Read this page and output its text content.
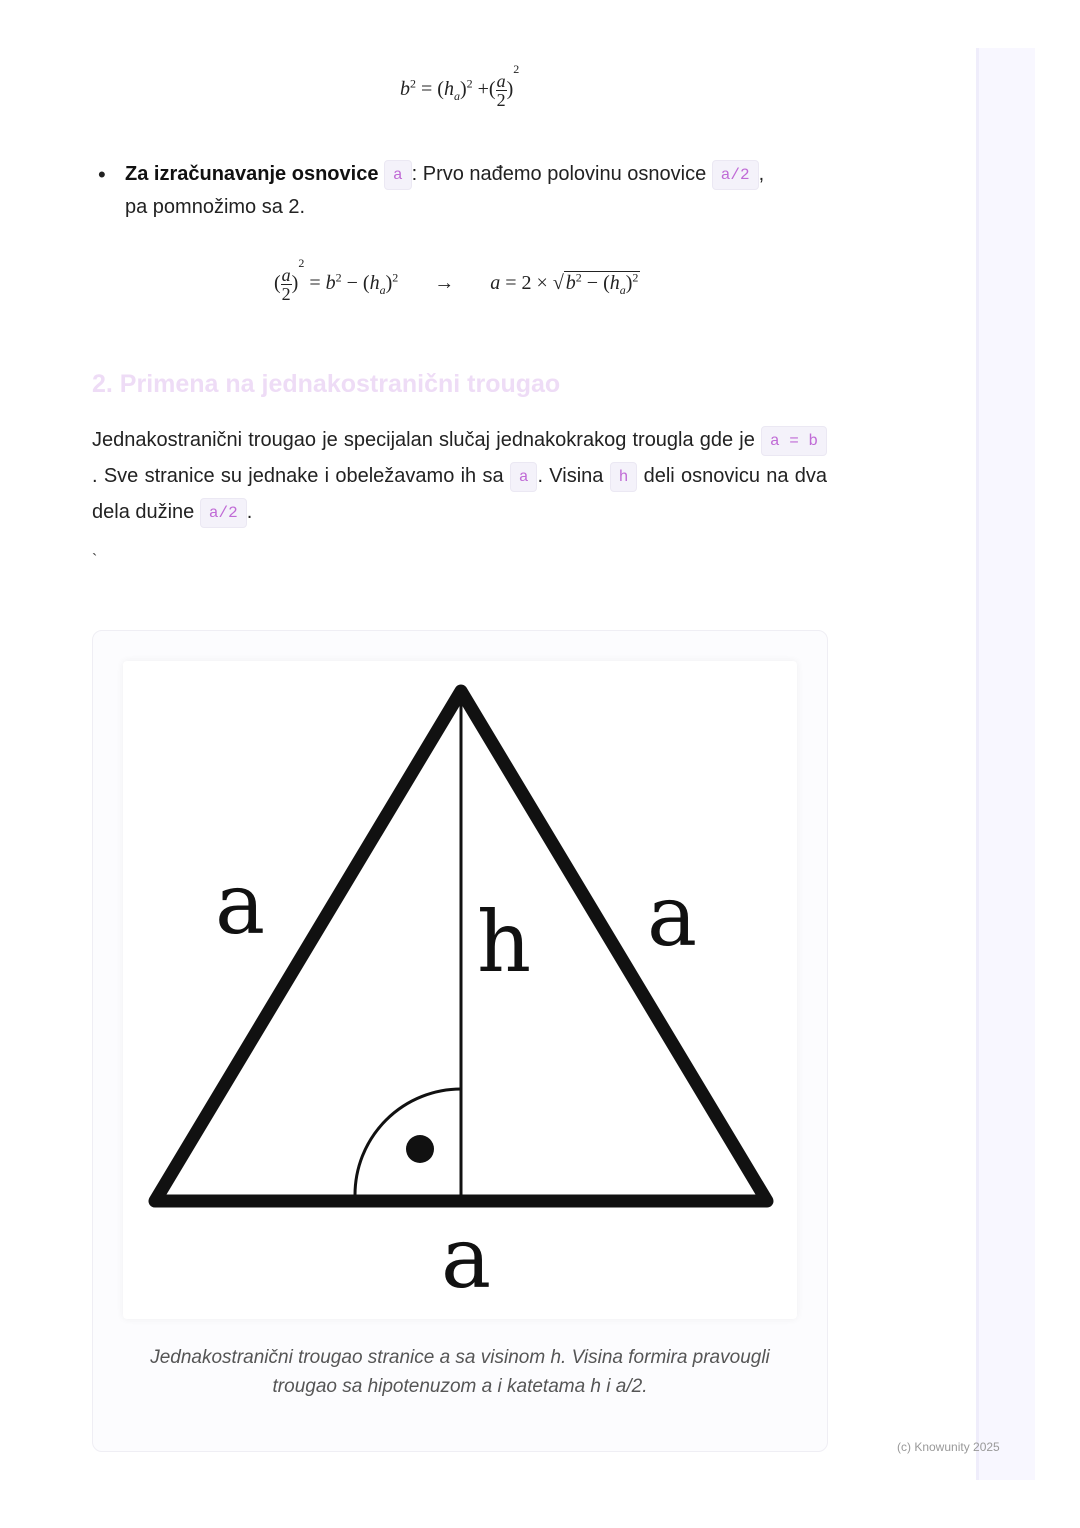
$b^2 = (h_a)^2$ +( $\frac{a}{2} )^2$
• Za izračunavanje osnovice a : Prvo nađemo polovinu osnovice a/2 ,
pa pomnožimo sa 2.
( $\frac{a}{2} )^2 = b^2 - (h_a)^2 \to a = 2$ × √ $b^2 - (h_a)^2$
2. Primena na jednakostranični trougao
Jednakostranični trougao je specijalan slučaj jednakokrakog trougla gde je a = b. Sve stranice su jednake i obeležavamo ih sa a . Visina h deli osnovicu na dva dela dužine a/2 .
`
a	a
h
a
Jednakostranični trougao stranice a sa visinom h. Visina formira pravougli trougao sa hipotenuzom a i katetama h i a/2.
(c) Knowunity 2025
